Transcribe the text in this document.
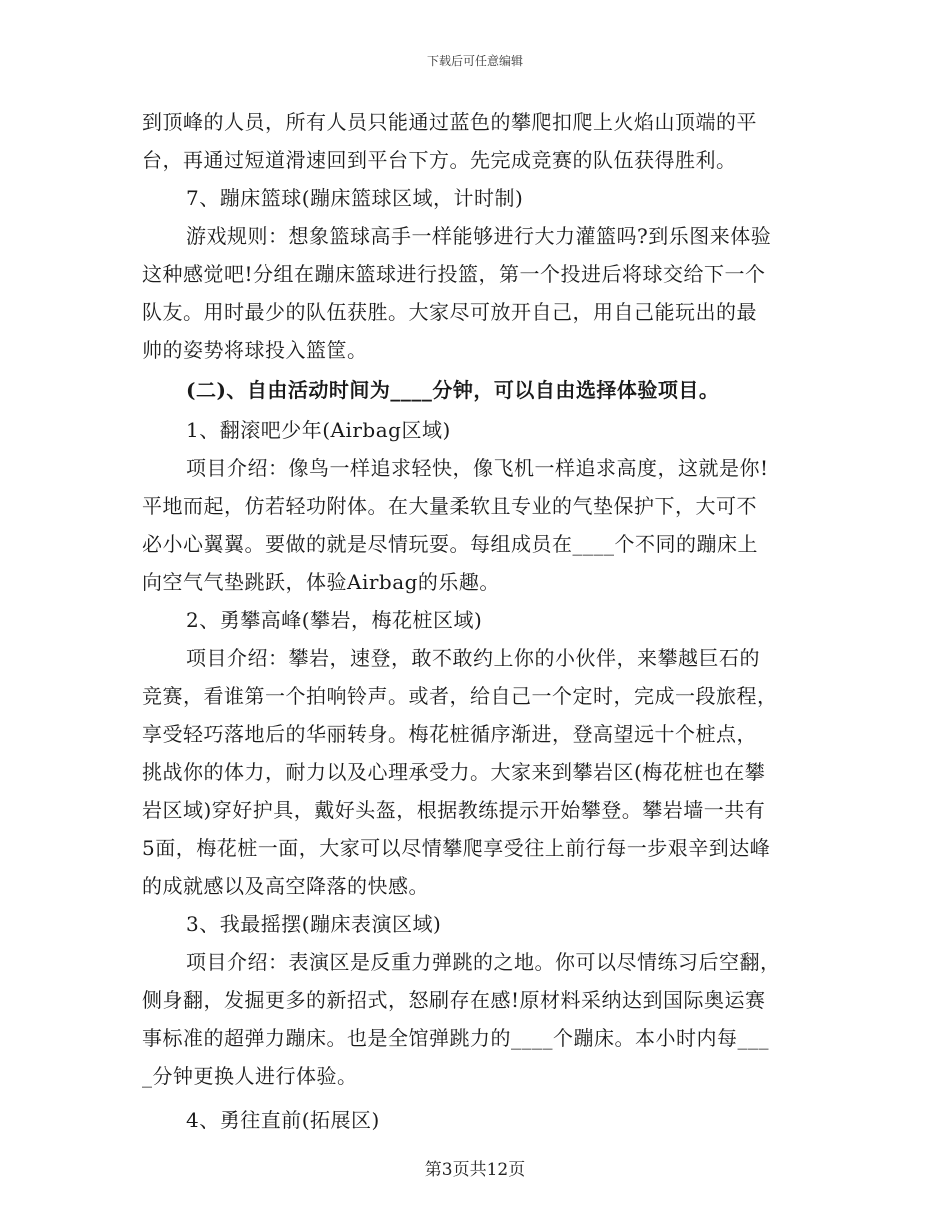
下载后可任意编辑
到顶峰的人员，所有人员只能通过蓝色的攀爬扣爬上火焰山顶端的平
台，再通过短道滑速回到平台下方。先完成竞赛的队伍获得胜利。
7、蹦床篮球(蹦床篮球区域，计时制)
游戏规则：想象篮球高手一样能够进行大力灌篮吗?到乐图来体验
这种感觉吧!分组在蹦床篮球进行投篮，第一个投进后将球交给下一个
队友。用时最少的队伍获胜。大家尽可放开自己，用自己能玩出的最
帅的姿势将球投入篮筐。
(二)、自由活动时间为____分钟，可以自由选择体验项目。
1、翻滚吧少年(Airbag区域)
项目介绍：像鸟一样追求轻快，像飞机一样追求高度，这就是你!
平地而起，仿若轻功附体。在大量柔软且专业的气垫保护下，大可不
必小心翼翼。要做的就是尽情玩耍。每组成员在____个不同的蹦床上
向空气气垫跳跃，体验Airbag的乐趣。
2、勇攀高峰(攀岩，梅花桩区域)
项目介绍：攀岩，速登，敢不敢约上你的小伙伴，来攀越巨石的
竞赛，看谁第一个拍响铃声。或者，给自己一个定时，完成一段旅程，
享受轻巧落地后的华丽转身。梅花桩循序渐进，登高望远十个桩点，
挑战你的体力，耐力以及心理承受力。大家来到攀岩区(梅花桩也在攀
岩区域)穿好护具，戴好头盔，根据教练提示开始攀登。攀岩墙一共有
5面，梅花桩一面，大家可以尽情攀爬享受往上前行每一步艰辛到达峰
的成就感以及高空降落的快感。
3、我最摇摆(蹦床表演区域)
项目介绍：表演区是反重力弹跳的之地。你可以尽情练习后空翻，
侧身翻，发掘更多的新招式，怒刷存在感!原材料采纳达到国际奥运赛
事标准的超弹力蹦床。也是全馆弹跳力的____个蹦床。本小时内每___
_分钟更换人进行体验。
4、勇往直前(拓展区)
第3页共12页
